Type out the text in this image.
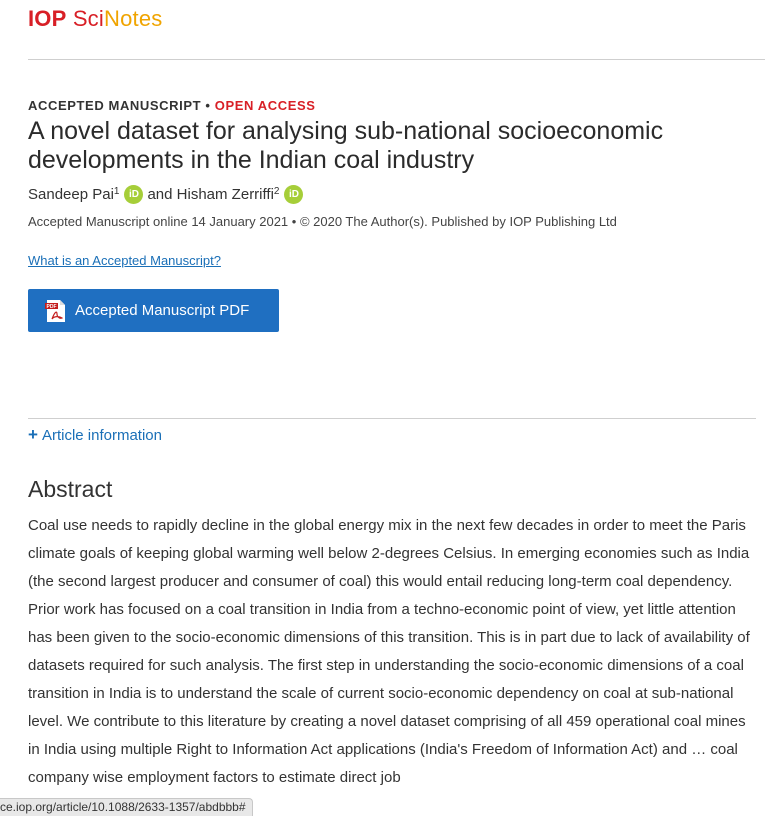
IOP SciNotes
ACCEPTED MANUSCRIPT • OPEN ACCESS
A novel dataset for analysing sub-national socioeconomic developments in the Indian coal industry
Sandeep Pai$^1$ iD and
Hisham Zerriffi$^2$ iD
Accepted Manuscript online 14 January 2021 • © 2020 The Author(s). Published by IOP Publishing Ltd
What is an Accepted Manuscript?
PDF Accepted Manuscript PDF
+ Article information
Abstract

Coal use needs to rapidly decline in the global energy mix in the next few decades in order to meet the Paris climate goals of keeping global warming well below 2-degrees Celsius. In emerging economies such as India (the second largest producer and consumer of coal) this would entail reducing long-term coal dependency. Prior work has focused on a coal transition in India from a techno-economic point of view, yet little attention has been given to the socio-economic dimensions of this transition. This is in part due to lack of availability of datasets required for such analysis. The first step in understanding the socio-economic dimensions of a coal transition in India is to understand the scale of current socio-economic dependency on coal at sub-national level. We contribute to this literature by creating a novel dataset comprising of all 459 operational coal mines in India using multiple Right to Information Act applications (India's Freedom of Information Act) and … coal company wise employment factors to estimate direct job

ce.iop.org/article/10.1088/2633-1357/abdbbb#
